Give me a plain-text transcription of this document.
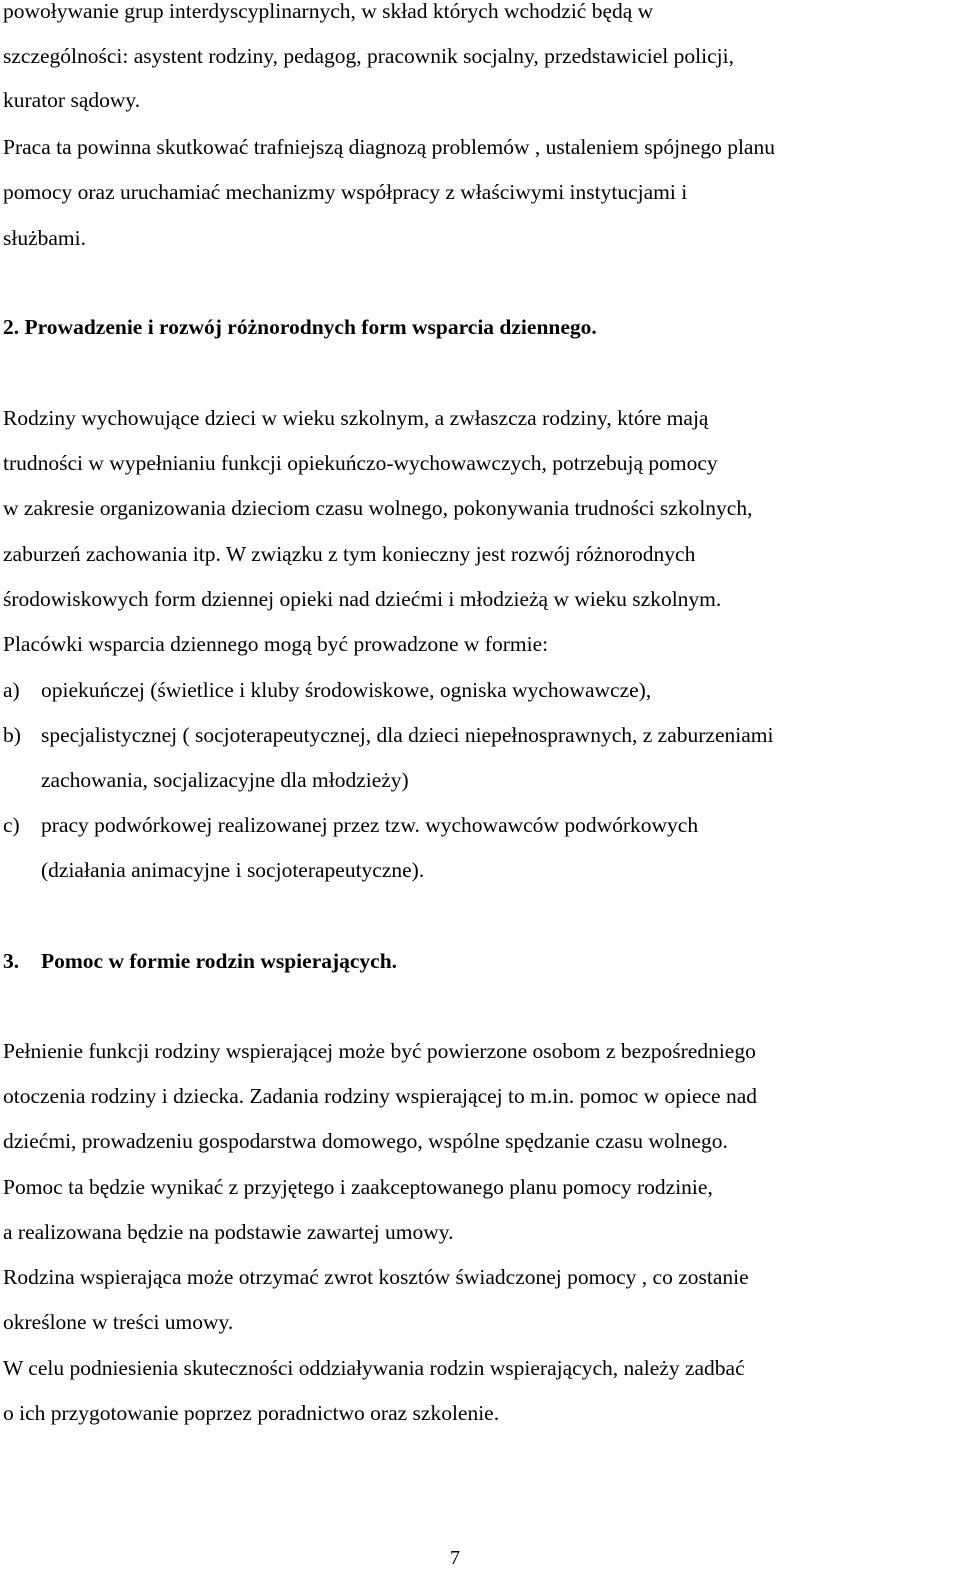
powoływanie grup interdyscyplinarnych, w skład których wchodzić będą w
szczególności: asystent rodziny, pedagog, pracownik socjalny, przedstawiciel policji,
kurator sądowy.
Praca ta powinna skutkować trafniejszą diagnozą problemów , ustaleniem spójnego planu
pomocy oraz uruchamiać mechanizmy współpracy z właściwymi instytucjami i
służbami.
2. Prowadzenie i rozwój różnorodnych form wsparcia dziennego.
Rodziny wychowujące dzieci w wieku szkolnym, a zwłaszcza rodziny, które mają
trudności w wypełnianiu funkcji opiekuńczo-wychowawczych, potrzebują pomocy
w zakresie organizowania dzieciom czasu wolnego, pokonywania trudności szkolnych,
zaburzeń zachowania itp. W związku z tym konieczny jest rozwój różnorodnych
środowiskowych form dziennej opieki nad dziećmi i młodzieżą w wieku szkolnym.
Placówki wsparcia dziennego mogą być prowadzone w formie:
a) opiekuńczej (świetlice i kluby środowiskowe, ogniska wychowawcze),
b) specjalistycznej ( socjoterapeutycznej, dla dzieci niepełnosprawnych, z zaburzeniami
zachowania, socjalizacyjne dla młodzieży)
c) pracy podwórkowej realizowanej przez tzw. wychowawców podwórkowych
(działania animacyjne i socjoterapeutyczne).
3. Pomoc w formie rodzin wspierających.
Pełnienie funkcji rodziny wspierającej może być powierzone osobom z bezpośredniego
otoczenia rodziny i dziecka. Zadania rodziny wspierającej to m.in. pomoc w opiece nad
dziećmi, prowadzeniu gospodarstwa domowego, wspólne spędzanie czasu wolnego.
Pomoc ta będzie wynikać z przyjętego i zaakceptowanego planu pomocy rodzinie,
a realizowana będzie na podstawie zawartej umowy.
Rodzina wspierająca może otrzymać zwrot kosztów świadczonej pomocy , co zostanie
określone w treści umowy.
W celu podniesienia skuteczności oddziaływania rodzin wspierających, należy zadbać
o ich przygotowanie poprzez poradnictwo oraz szkolenie.
7
